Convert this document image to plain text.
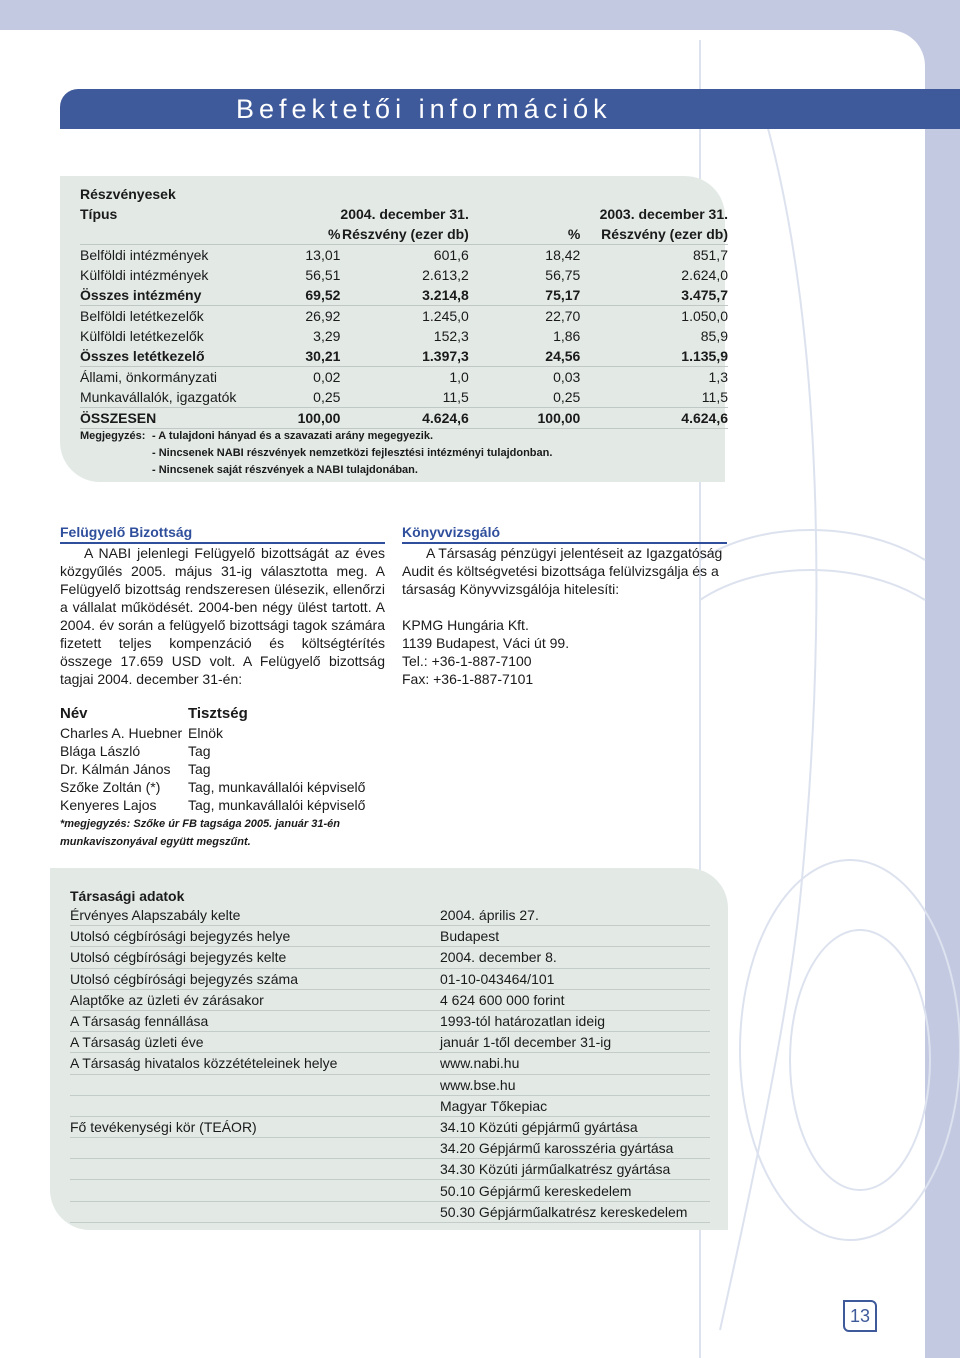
Befektetői információk
Részvényesek
Típus		2004. december 31.		2003. december 31.
	%	Részvény (ezer db)	%	Részvény (ezer db)
Belföldi intézmények	13,01	601,6	18,42	851,7
Külföldi intézmények	56,51	2.613,2	56,75	2.624,0
Összes intézmény	69,52	3.214,8	75,17	3.475,7
Belföldi letétkezelők	26,92	1.245,0	22,70	1.050,0
Külföldi letétkezelők	3,29	152,3	1,86	85,9
Összes letétkezelő	30,21	1.397,3	24,56	1.135,9
Állami, önkormányzati	0,02	1,0	0,03	1,3
Munkavállalók, igazgatók	0,25	11,5	0,25	11,5
ÖSSZESEN	100,00	4.624,6	100,00	4.624,6
Megjegyzés: - A tulajdoni hányad és a szavazati arány megegyezik.
- Nincsenek NABI részvények nemzetközi fejlesztési intézményi tulajdonban.
- Nincsenek saját részvények a NABI tulajdonában.
Felügyelő Bizottság

A NABI jelenlegi Felügyelő bizottságát az éves közgyűlés 2005. május 31-ig választotta meg. A Felügyelő bizottság rendszeresen ülésezik, ellenőrzi a vállalat működését. 2004-ben négy ülést tartott. A 2004. év során a felügyelő bizottsági tagok számára fizetett teljes kompenzáció és költségtérítés összege 17.659 USD volt. A Felügyelő bizottság tagjai 2004. december 31-én:

Név	Tisztség
Charles A. Huebner	Elnök
Blága László	Tag
Dr. Kálmán János	Tag
Szőke Zoltán (*)	Tag, munkavállalói képviselő
Kenyeres Lajos	Tag, munkavállalói képviselő
*megjegyzés: Szőke úr FB tagsága 2005. január 31-én
munkaviszonyával együtt megszűnt.
Könyvvizsgáló

A Társaság pénzügyi jelentéseit az Igazgatóság Audit és költségvetési bizottsága felülvizsgálja és a társaság Könyvvizsgálója hitelesíti:

KPMG Hungária Kft.
1139 Budapest, Váci út 99.
Tel.: +36-1-887-7100
Fax: +36-1-887-7101
Társasági adatok
Érvényes Alapszabály kelte	2004. április 27.
Utolsó cégbírósági bejegyzés helye	Budapest
Utolsó cégbírósági bejegyzés kelte	2004. december 8.
Utolsó cégbírósági bejegyzés száma	01-10-043464/101
Alaptőke az üzleti év zárásakor	4 624 600 000 forint
A Társaság fennállása	1993-tól határozatlan ideig
A Társaság üzleti éve	január 1-től december 31-ig
A Társaság hivatalos közzétételeinek helye	www.nabi.hu
	www.bse.hu
	Magyar Tőkepiac
Fő tevékenységi kör (TEÁOR)	34.10 Közúti gépjármű gyártása
	34.20 Gépjármű karosszéria gyártása
	34.30 Közúti járműalkatrész gyártása
	50.10 Gépjármű kereskedelem
	50.30 Gépjárműalkatrész kereskedelem
13
